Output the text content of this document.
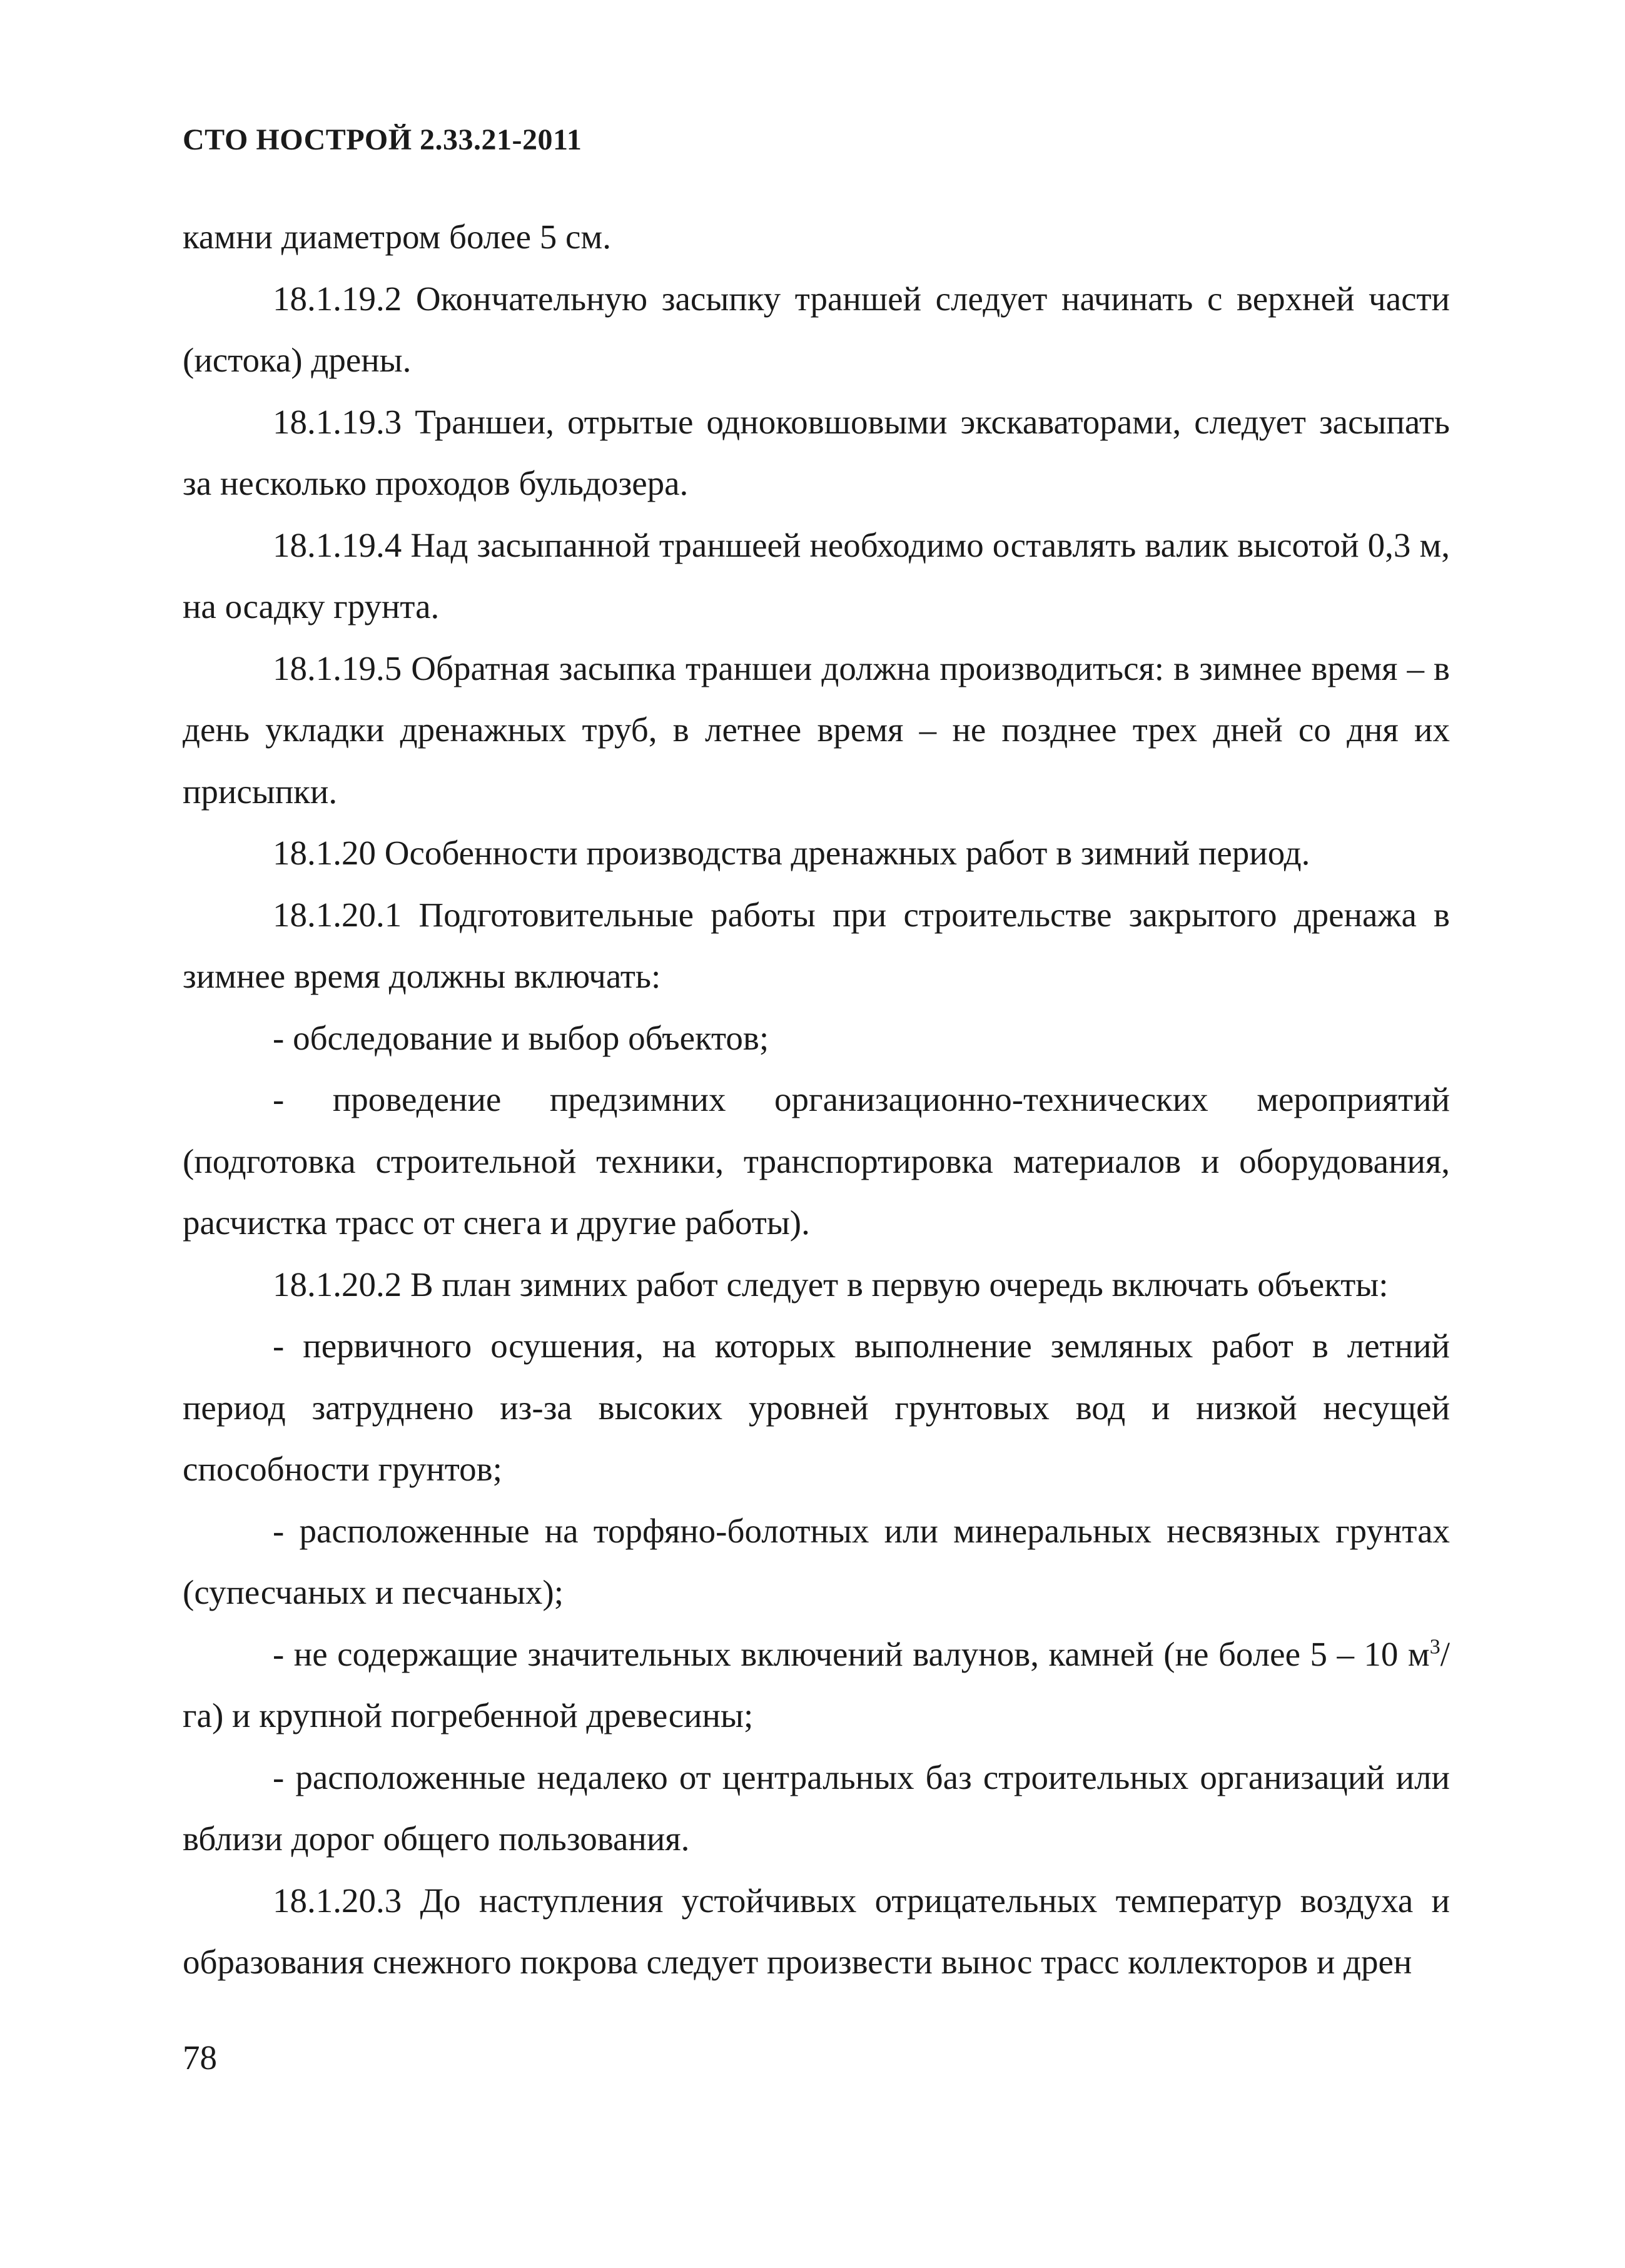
СТО НОСТРОЙ 2.33.21-2011

камни диаметром более 5 см.

18.1.19.2 Окончательную засыпку траншей следует начинать с верхней части (истока) дрены.

18.1.19.3 Траншеи, отрытые одноковшовыми экскаваторами, следует засыпать за несколько проходов бульдозера.

18.1.19.4 Над засыпанной траншеей необходимо оставлять валик высотой 0,3 м, на осадку грунта.

18.1.19.5 Обратная засыпка траншеи должна производиться: в зимнее время – в день укладки дренажных труб, в летнее время – не позднее трех дней со дня их присыпки.

18.1.20 Особенности производства дренажных работ в зимний период.

18.1.20.1 Подготовительные работы при строительстве закрытого дренажа в зимнее время должны включать:

- обследование и выбор объектов;

- проведение предзимних организационно-технических мероприятий (подготовка строительной техники, транспортировка материалов и оборудования, расчистка трасс от снега и другие работы).

18.1.20.2 В план зимних работ следует в первую очередь включать объекты:

- первичного осушения, на которых выполнение земляных работ в летний период затруднено из-за высоких уровней грунтовых вод и низкой несущей способности грунтов;

- расположенные на торфяно-болотных или минеральных несвязных грунтах (супесчаных и песчаных);

- не содержащие значительных включений валунов, камней (не более 5 – 10 $м^3/га$) и крупной погребенной древесины;

- расположенные недалеко от центральных баз строительных организаций или вблизи дорог общего пользования.

18.1.20.3 До наступления устойчивых отрицательных температур воздуха и образования снежного покрова следует произвести вынос трасс коллекторов и дрен

78
